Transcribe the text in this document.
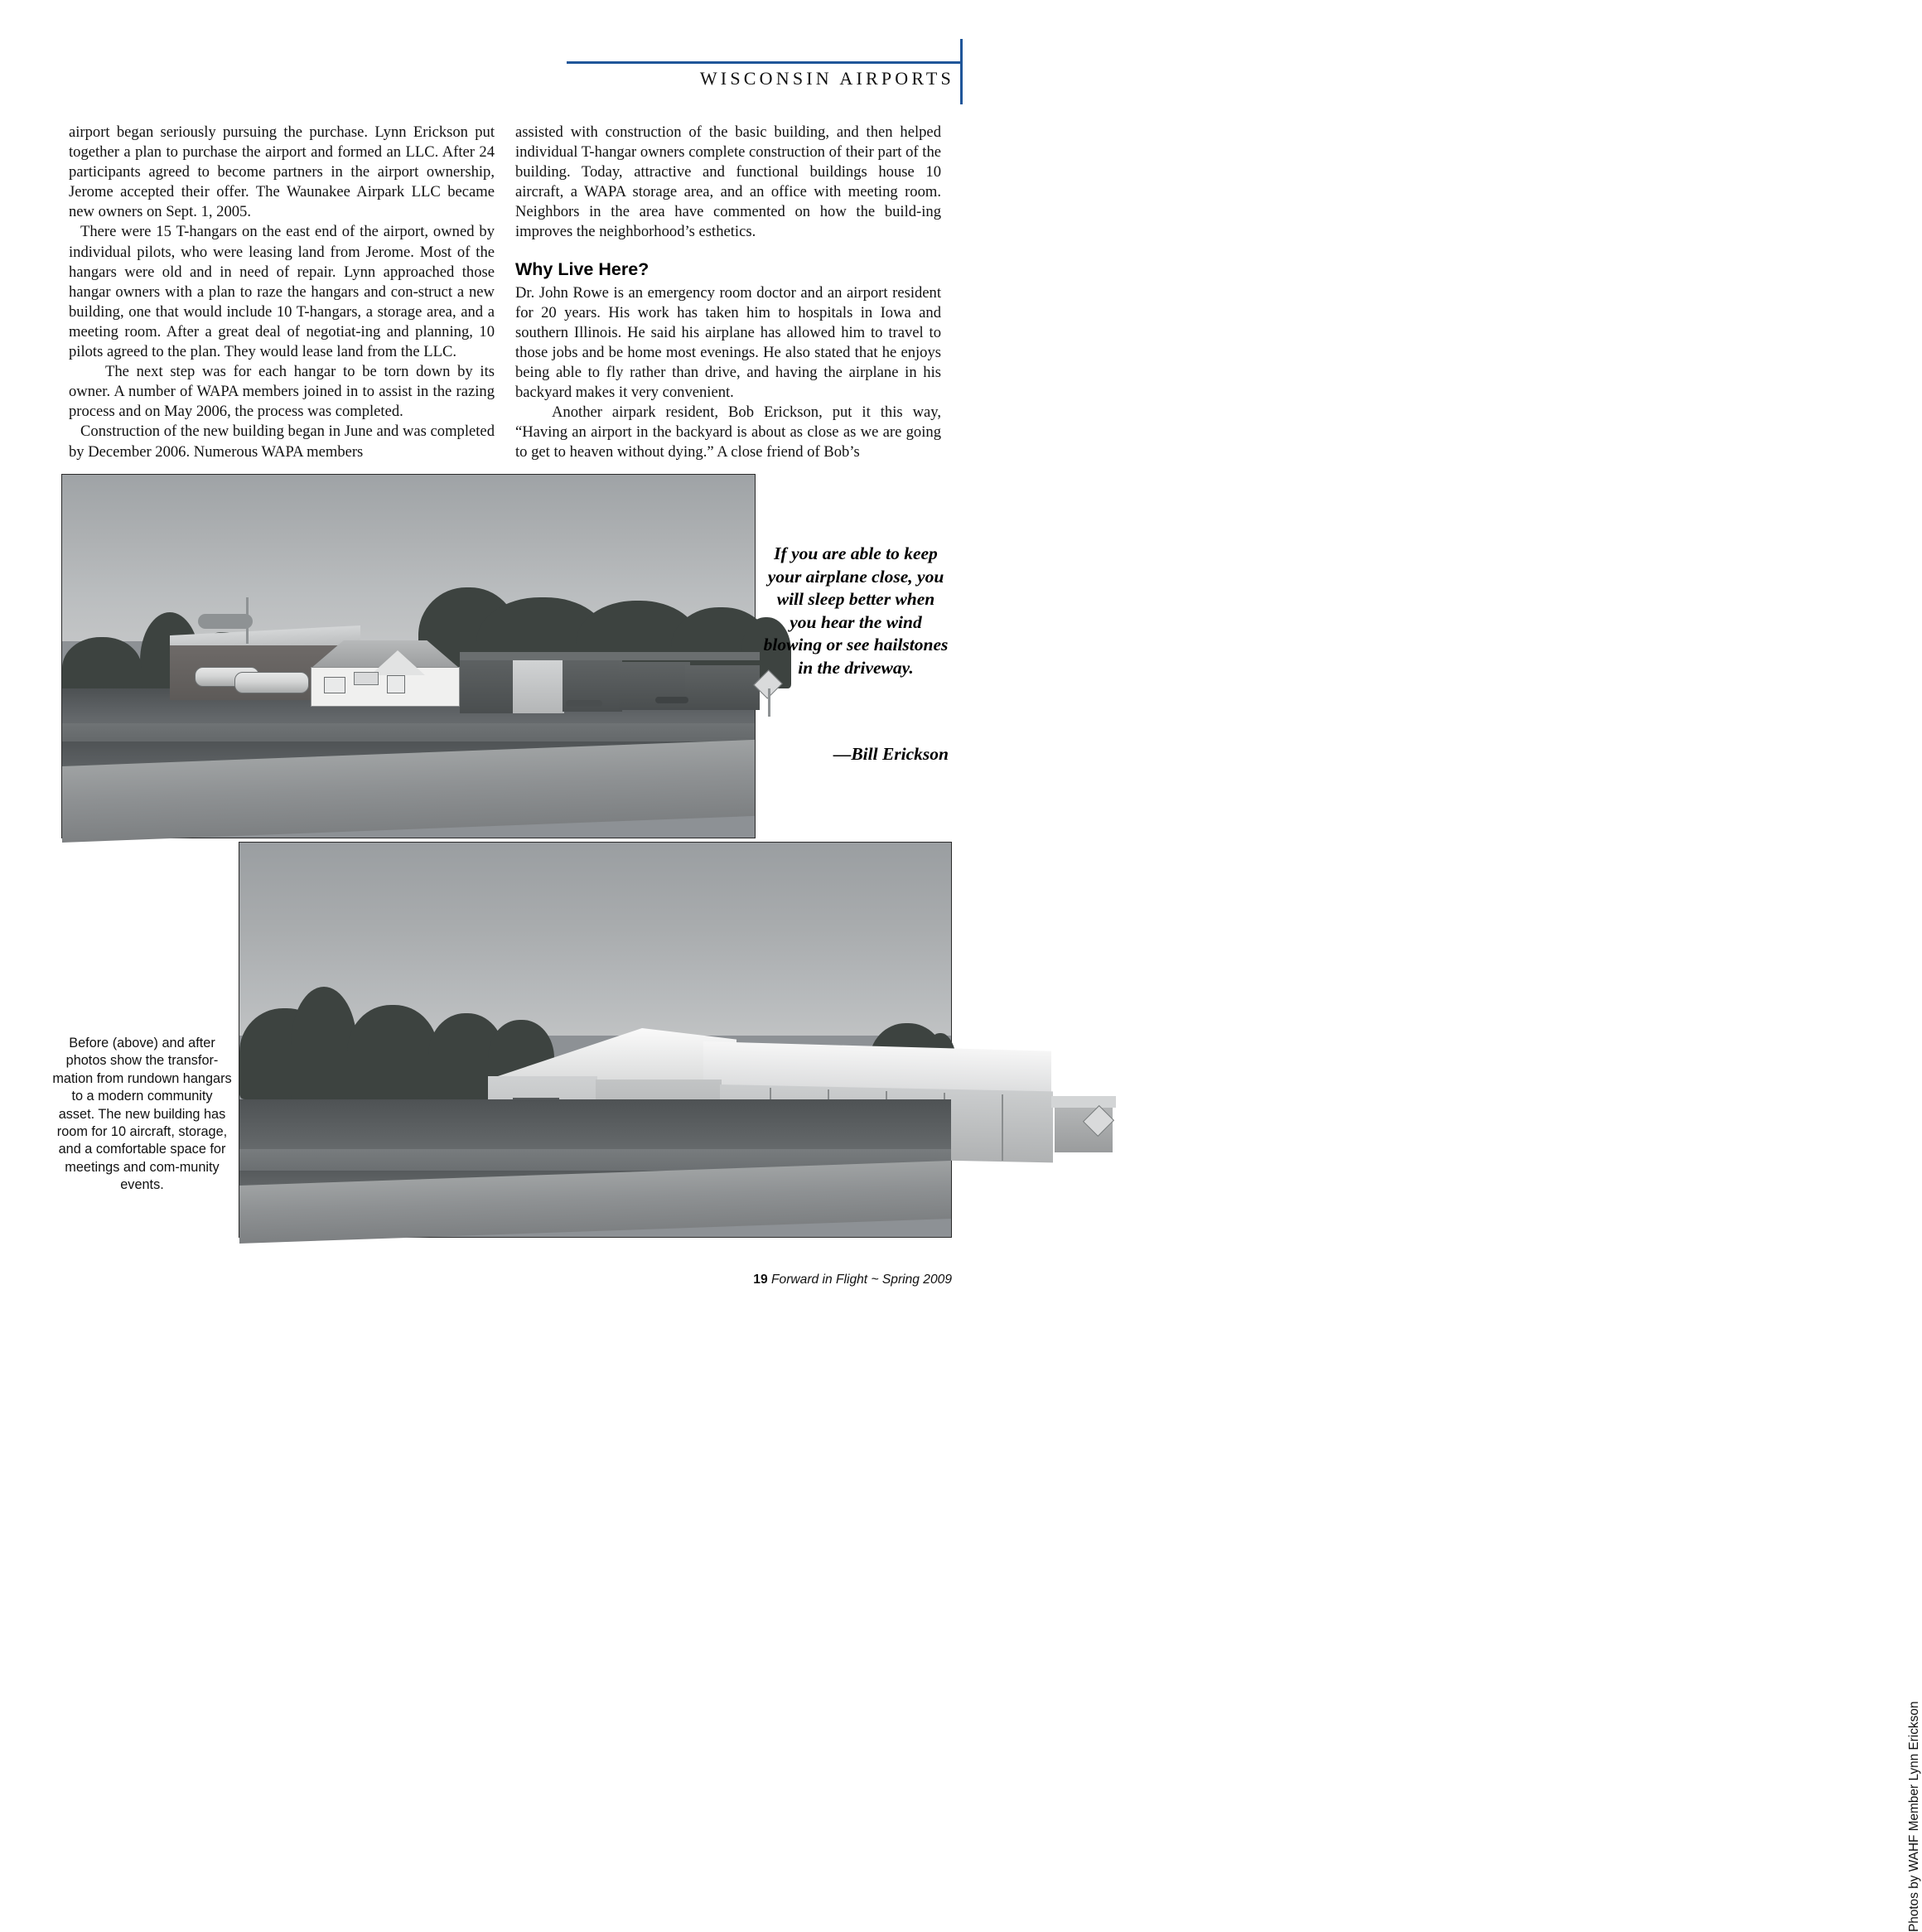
WISCONSIN AIRPORTS

airport began seriously pursuing the purchase. Lynn Erickson put together a plan to purchase the airport and formed an LLC. After 24 participants agreed to become partners in the airport ownership, Jerome accepted their offer. The Waunakee Airpark LLC became new owners on Sept. 1, 2005.

There were 15 T-hangars on the east end of the airport, owned by individual pilots, who were leasing land from Jerome. Most of the hangars were old and in need of repair. Lynn approached those hangar owners with a plan to raze the hangars and con-struct a new building, one that would include 10 T-hangars, a storage area, and a meeting room. After a great deal of negotiat-ing and planning, 10 pilots agreed to the plan. They would lease land from the LLC.

The next step was for each hangar to be torn down by its owner. A number of WAPA members joined in to assist in the razing process and on May 2006, the process was completed.

Construction of the new building began in June and was completed by December 2006. Numerous WAPA members

assisted with construction of the basic building, and then helped individual T-hangar owners complete construction of their part of the building. Today, attractive and functional buildings house 10 aircraft, a WAPA storage area, and an office with meeting room. Neighbors in the area have commented on how the build-ing improves the neighborhood’s esthetics.

Why Live Here?

Dr. John Rowe is an emergency room doctor and an airport resident for 20 years. His work has taken him to hospitals in Iowa and southern Illinois. He said his airplane has allowed him to travel to those jobs and be home most evenings. He also stated that he enjoys being able to fly rather than drive, and having the airplane in his backyard makes it very convenient.

Another airpark resident, Bob Erickson, put it this way, “Having an airport in the backyard is about as close as we are going to get to heaven without dying.” A close friend of Bob’s

If you are able to keep your airplane close, you will sleep better when you hear the wind blowing or see hailstones in the driveway.
—Bill Erickson
Before (above) and after photos show the transfor-mation from rundown hangars to a modern community asset. The new building has room for 10 aircraft, storage, and a comfortable space for meetings and com-munity events.
Photos by WAHF Member Lynn Erickson
19 Forward in Flight ~ Spring 2009
